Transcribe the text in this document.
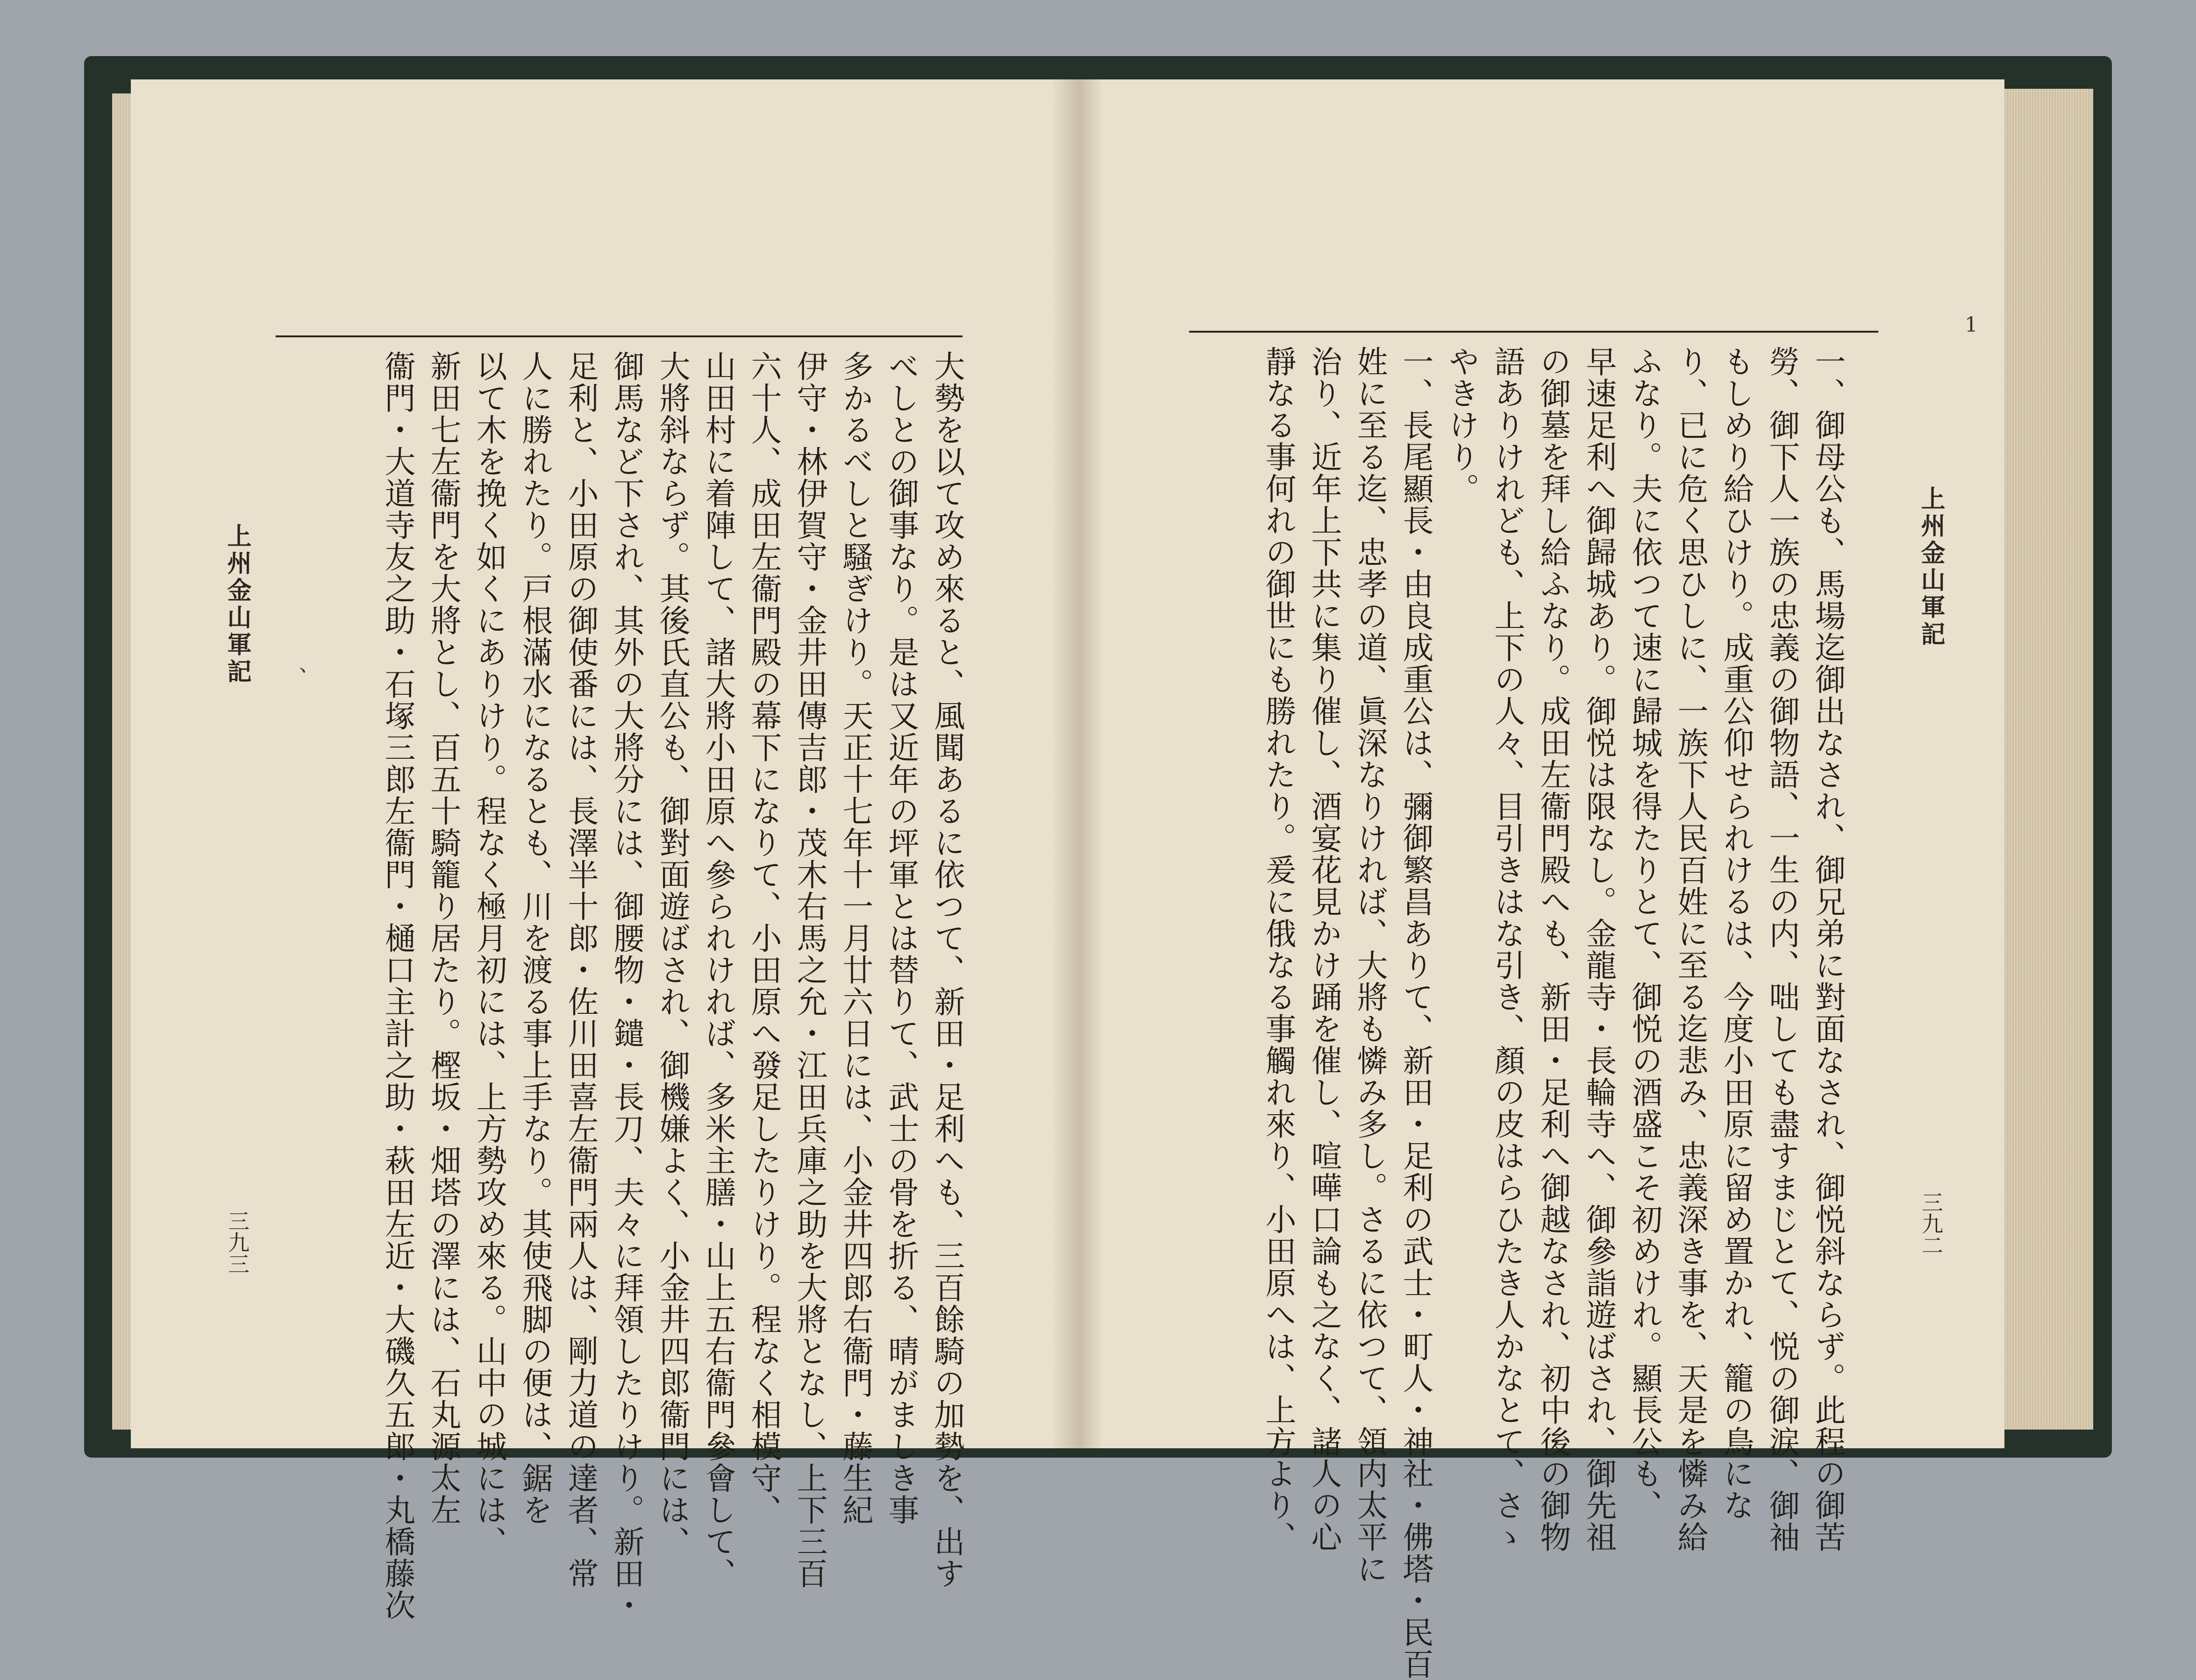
大勢を以て攻め來ると、風聞あるに依つて、新田・足利へも、三百餘騎の加勢を、出す
べしとの御事なり。是は又近年の坪軍とは替りて、武士の骨を折る、晴がましき事
多かるべしと騷ぎけり。天正十七年十一月廿六日には、小金井四郎右衞門・藤生紀
伊守・林伊賀守・金井田傳吉郎・茂木右馬之允・江田兵庫之助を大將となし、上下三百
六十人、成田左衞門殿の幕下になりて、小田原へ發足したりけり。程なく相模守、
山田村に着陣して、諸大將小田原へ參られければ、多米主膳・山上五右衞門參會して、
大將斜ならず。其後氏直公も、御對面遊ばされ、御機嫌よく、小金井四郎衞門には、
御馬など下され、其外の大將分には、御腰物・鑓・長刀、夫々に拜領したりけり。新田・
足利と、小田原の御使番には、長澤半十郎・佐川田喜左衞門兩人は、剛力道の達者、常
人に勝れたり。戸根滿水になるとも、川を渡る事上手なり。其使飛脚の便は、鋸を
以て木を挽く如くにありけり。程なく極月初には、上方勢攻め來る。山中の城には、
新田七左衞門を大將とし、百五十騎籠り居たり。樫坂・畑塔の澤には、石丸源太左
衞門・大道寺友之助・石塚三郎左衞門・樋口主計之助・萩田左近・大磯久五郎・丸橋藤次
上州金山軍記
三九三	一、御母公も、馬場迄御出なされ、御兄弟に對面なされ、御悦斜ならず。此程の御苦
勞、御下人一族の忠義の御物語、一生の内、咄しても盡すまじとて、悦の御涙、御袖
もしめり給ひけり。成重公仰せられけるは、今度小田原に留め置かれ、籠の鳥にな
り、已に危く思ひしに、一族下人民百姓に至る迄悲み、忠義深き事を、天是を憐み給
ふなり。夫に依つて速に歸城を得たりとて、御悦の酒盛こそ初めけれ。顯長公も、
早速足利へ御歸城あり。御悦は限なし。金龍寺・長輪寺へ、御參詣遊ばされ、御先祖
の御墓を拜し給ふなり。成田左衞門殿へも、新田・足利へ御越なされ、初中後の御物
語ありけれども、上下の人々、目引きはな引き、顏の皮はらひたき人かなとて、さゝ
やきけり。
一、長尾顯長・由良成重公は、彌御繁昌ありて、新田・足利の武士・町人・神社・佛塔・民百
姓に至る迄、忠孝の道、眞深なりければ、大將も憐み多し。さるに依つて、領内太平に
治り、近年上下共に集り催し、酒宴花見かけ踊を催し、喧嘩口論も之なく、諸人の心
靜なる事何れの御世にも勝れたり。爰に俄なる事觸れ來り、小田原へは、上方より、	上州金山軍記
三九二
1
、
